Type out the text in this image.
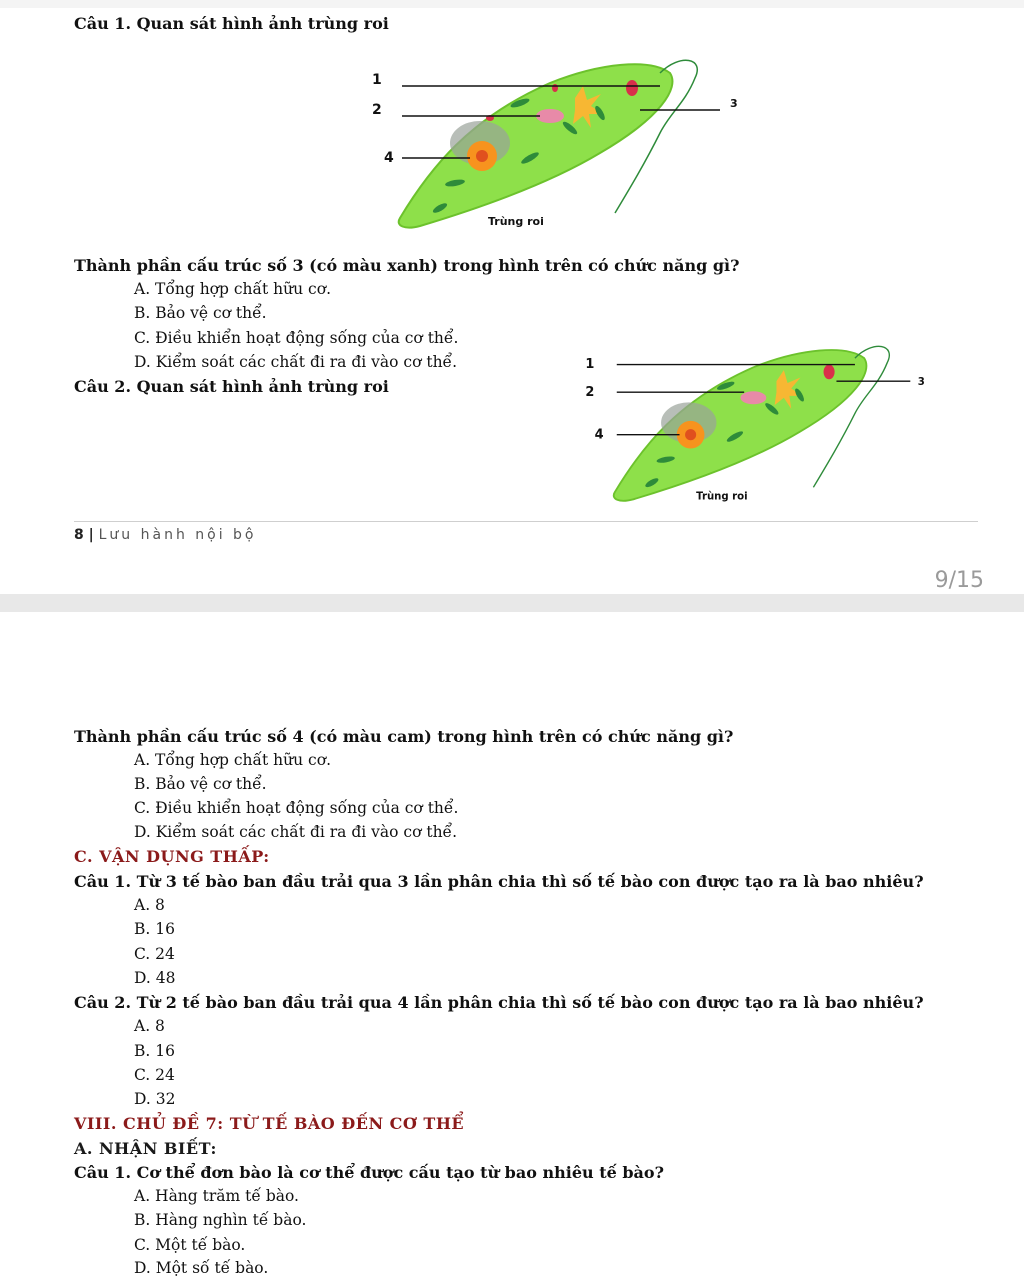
Câu 1. Quan sát hình ảnh trùng roi
1
2	3
4
Trùng roi
Thành phần cấu trúc số 3 (có màu xanh) trong hình trên có chức năng gì?
A. Tổng hợp chất hữu cơ.
B. Bảo vệ cơ thể.
C. Điều khiển hoạt động sống của cơ thể.
D. Kiểm soát các chất đi ra đi vào cơ thể.
Câu 2. Quan sát hình ảnh trùng roi
1
2
3
4
Trùng roi
8 | Lưu hành nội bộ
9/15
Thành phần cấu trúc số 4 (có màu cam) trong hình trên có chức năng gì?
A. Tổng hợp chất hữu cơ.
B. Bảo vệ cơ thể.
C. Điều khiển hoạt động sống của cơ thể.
D. Kiểm soát các chất đi ra đi vào cơ thể.
C. VẬN DỤNG THẤP:
Câu 1. Từ 3 tế bào ban đầu trải qua 3 lần phân chia thì số tế bào con được tạo ra là bao nhiêu?
A. 8
B. 16
C. 24
D. 48
Câu 2. Từ 2 tế bào ban đầu trải qua 4 lần phân chia thì số tế bào con được tạo ra là bao nhiêu?
A. 8
B. 16
C. 24
D. 32
VIII. CHỦ ĐỀ 7: TỪ TẾ BÀO ĐẾN CƠ THỂ
A. NHẬN BIẾT:
Câu 1. Cơ thể đơn bào là cơ thể được cấu tạo từ bao nhiêu tế bào?
A. Hàng trăm tế bào.
B. Hàng nghìn tế bào.
C. Một tế bào.
D. Một số tế bào.
